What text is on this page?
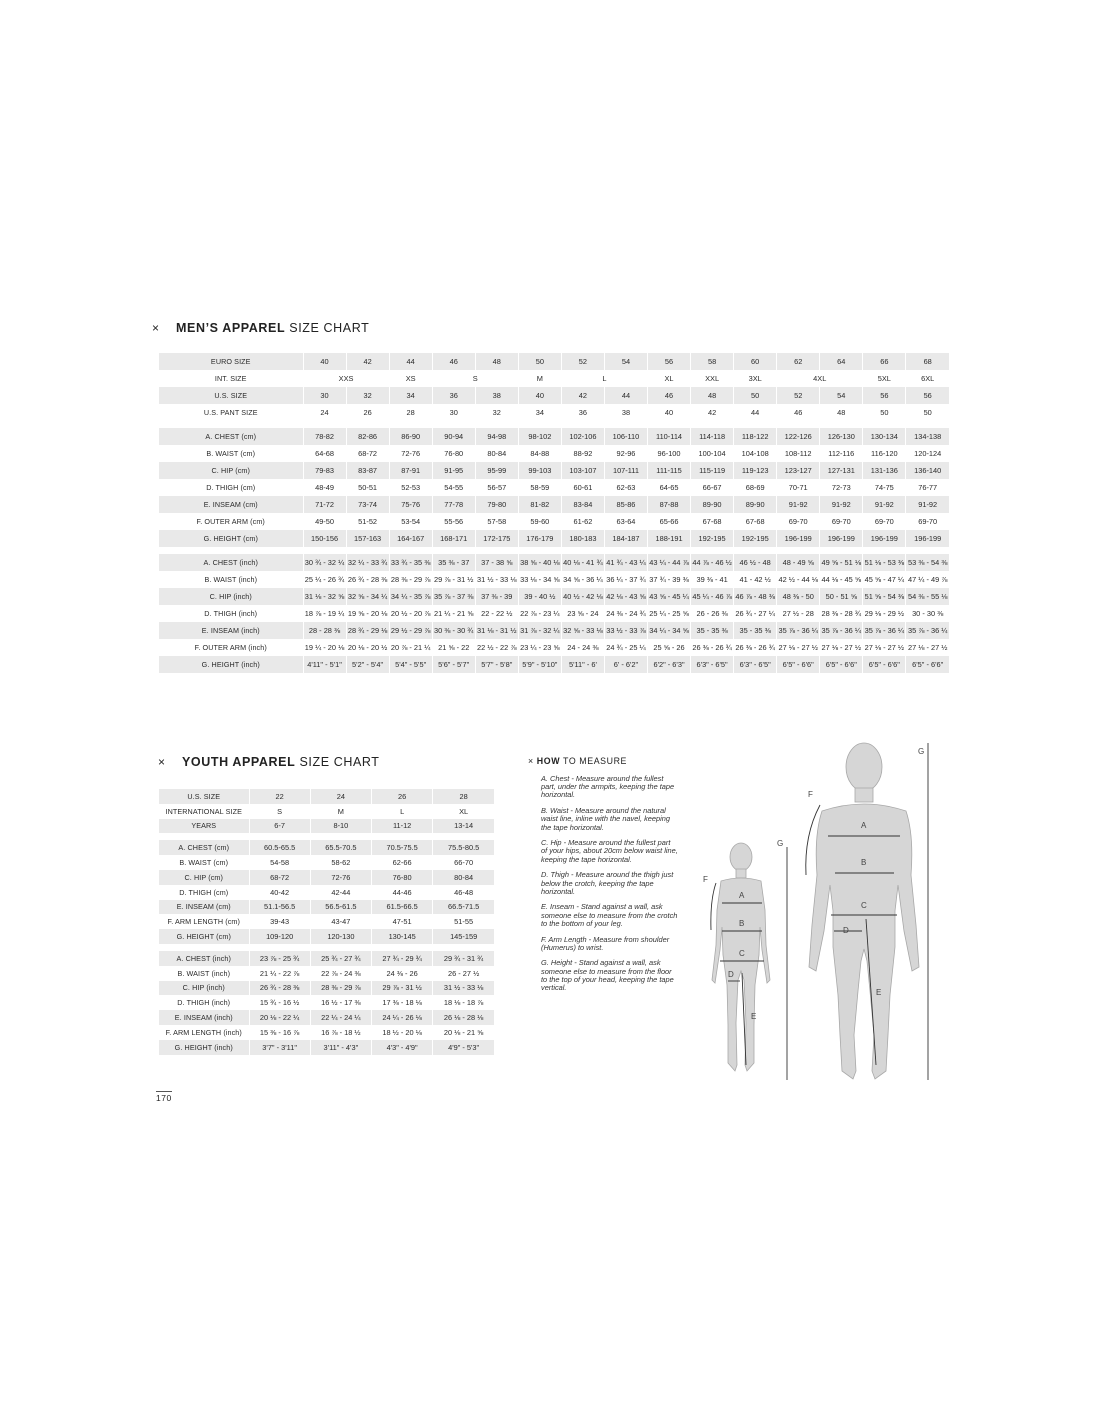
× MEN’S APPAREL SIZE CHART
EURO SIZE	40	42	44	46	48	50	52	54	56	58	60	62	64	66	68
INT. SIZE	XXS		XS	S		M	L		XL	XXL	3XL	4XL		5XL	6XL
U.S. SIZE	30	32	34	36	38	40	42	44	46	48	50	52	54	56	56
U.S. PANT SIZE	24	26	28	30	32	34	36	38	40	42	44	46	48	50	50

A. CHEST (cm)	78-82	82-86	86-90	90-94	94-98	98-102	102-106	106-110	110-114	114-118	118-122	122-126	126-130	130-134	134-138
B. WAIST (cm)	64-68	68-72	72-76	76-80	80-84	84-88	88-92	92-96	96-100	100-104	104-108	108-112	112-116	116-120	120-124
C. HIP (cm)	79-83	83-87	87-91	91-95	95-99	99-103	103-107	107-111	111-115	115-119	119-123	123-127	127-131	131-136	136-140
D. THIGH (cm)	48-49	50-51	52-53	54-55	56-57	58-59	60-61	62-63	64-65	66-67	68-69	70-71	72-73	74-75	76-77
E. INSEAM (cm)	71-72	73-74	75-76	77-78	79-80	81-82	83-84	85-86	87-88	89-90	89-90	91-92	91-92	91-92	91-92
F. OUTER ARM (cm)	49-50	51-52	53-54	55-56	57-58	59-60	61-62	63-64	65-66	67-68	67-68	69-70	69-70	69-70	69-70
G. HEIGHT (cm)	150-156	157-163	164-167	168-171	172-175	176-179	180-183	184-187	188-191	192-195	192-195	196-199	196-199	196-199	196-199

A. CHEST (inch)	30 ¾ - 32 ¼	32 ¼ - 33 ¾	33 ¾ - 35 ⅜	35 ⅜ - 37	37 - 38 ⅝	38 ⅝ - 40 ⅛	40 ⅛ - 41 ¾	41 ¾ - 43 ¼	43 ¼ - 44 ⅞	44 ⅞ - 46 ½	46 ½ - 48	48 - 49 ⅝	49 ⅝ - 51 ⅛	51 ⅛ - 53 ⅜	53 ⅜ - 54 ⅜
B. WAIST (inch)	25 ¼ - 26 ¾	26 ¾ - 28 ⅜	28 ⅜ - 29 ⅞	29 ⅞ - 31 ½	31 ½ - 33 ⅛	33 ⅛ - 34 ⅝	34 ⅝ - 36 ¼	36 ¼ - 37 ¾	37 ¾ - 39 ⅜	39 ⅜ - 41	41 - 42 ½	42 ½ - 44 ⅛	44 ⅛ - 45 ⅝	45 ⅝ - 47 ¼	47 ¼ - 49 ⅞
C. HIP (inch)	31 ⅛ - 32 ⅝	32 ⅝ - 34 ¼	34 ¼ - 35 ⅞	35 ⅞ - 37 ⅜	37 ⅜ - 39	39 - 40 ½	40 ½ - 42 ⅛	42 ⅛ - 43 ⅝	43 ⅝ - 45 ¼	45 ¼ - 46 ⅞	46 ⅞ - 48 ⅜	48 ⅜ - 50	50 - 51 ⅝	51 ⅝ - 54 ⅜	54 ⅜ - 55 ⅛
D. THIGH (inch)	18 ⅞ - 19 ¼	19 ⅝ - 20 ⅛	20 ½ - 20 ⅞	21 ¼ - 21 ⅝	22 - 22 ½	22 ⅞ - 23 ¼	23 ⅝ - 24	24 ⅜ - 24 ¾	25 ¼ - 25 ⅝	26 - 26 ⅜	26 ¾ - 27 ¼	27 ½ - 28	28 ⅜ - 28 ¾	29 ⅛ - 29 ½	30 - 30 ⅜
E. INSEAM (inch)	28 - 28 ⅜	28 ¾ - 29 ⅛	29 ½ - 29 ⅞	30 ⅜ - 30 ¾	31 ⅛ - 31 ½	31 ⅞ - 32 ¼	32 ⅝ - 33 ⅛	33 ½ - 33 ⅞	34 ¼ - 34 ⅝	35 - 35 ⅜	35 - 35 ⅜	35 ⅞ - 36 ¼	35 ⅞ - 36 ¼	35 ⅞ - 36 ¼	35 ⅞ - 36 ¼
F. OUTER ARM (inch)	19 ¼ - 20 ⅛	20 ⅛ - 20 ½	20 ⅞ - 21 ¼	21 ⅝ - 22	22 ½ - 22 ⅞	23 ¼ - 23 ⅝	24 - 24 ⅜	24 ¾ - 25 ¼	25 ⅝ - 26	26 ⅜ - 26 ¾	26 ⅜ - 26 ¾	27 ⅛ - 27 ½	27 ⅛ - 27 ½	27 ⅛ - 27 ½	27 ⅛ - 27 ½
G. HEIGHT (inch)	4'11" - 5'1"	5'2" - 5'4"	5'4" - 5'5"	5'6" - 5'7"	5'7" - 5'8"	5'9" - 5'10"	5'11" - 6'	6' - 6'2"	6'2" - 6'3"	6'3" - 6'5"	6'3" - 6'5"	6'5" - 6'6"	6'5" - 6'6"	6'5" - 6'6"	6'5" - 6'6"
× YOUTH APPAREL SIZE CHART
U.S. SIZE	22	24	26	28
INTERNATIONAL SIZE	S	M	L	XL
YEARS	6-7	8-10	11-12	13-14

A. CHEST (cm)	60.5-65.5	65.5-70.5	70.5-75.5	75.5-80.5
B. WAIST (cm)	54-58	58-62	62-66	66-70
C. HIP (cm)	68-72	72-76	76-80	80-84
D. THIGH (cm)	40-42	42-44	44-46	46-48
E. INSEAM (cm)	51.1-56.5	56.5-61.5	61.5-66.5	66.5-71.5
F. ARM LENGTH (cm)	39-43	43-47	47-51	51-55
G. HEIGHT (cm)	109-120	120-130	130-145	145-159

A. CHEST (inch)	23 ⅞ - 25 ¾	25 ¾ - 27 ¾	27 ¾ - 29 ¾	29 ¾ - 31 ¾
B. WAIST (inch)	21 ¼ - 22 ⅞	22 ⅞ - 24 ⅜	24 ⅜ - 26	26 - 27 ½
C. HIP (inch)	26 ¾ - 28 ⅜	28 ⅜ - 29 ⅞	29 ⅞ - 31 ½	31 ½ - 33 ⅛
D. THIGH (inch)	15 ¾ - 16 ½	16 ½ - 17 ⅜	17 ⅜ - 18 ⅛	18 ⅛ - 18 ⅞
E. INSEAM (inch)	20 ⅛ - 22 ¼	22 ¼ - 24 ¼	24 ¼ - 26 ⅛	26 ⅛ - 28 ⅛
F. ARM LENGTH (inch)	15 ⅜ - 16 ⅞	16 ⅞ - 18 ½	18 ½ - 20 ⅛	20 ⅛ - 21 ⅝
G. HEIGHT (inch)	3'7" - 3'11"	3'11" - 4'3"	4'3" - 4'9"	4'9" - 5'3"
× HOW TO MEASURE

A. Chest - Measure around the fullest part, under the armpits, keeping the tape horizontal.

B. Waist - Measure around the natural waist line, inline with the navel, keeping the tape horizontal.

C. Hip - Measure around the fullest part of your hips, about 20cm below waist line, keeping the tape horizontal.

D. Thigh - Measure around the thigh just below the crotch, keeping the tape horizontal.

E. Inseam - Stand against a wall, ask someone else to measure from the crotch to the bottom of your leg.

F. Arm Length - Measure from shoulder (Humerus) to wrist.

G. Height - Stand against a wall, ask someone else to measure from the floor to the top of your head, keeping the tape vertical.

A
B
C
D
E
F
G
A
B
C
D
E
F
G
170
